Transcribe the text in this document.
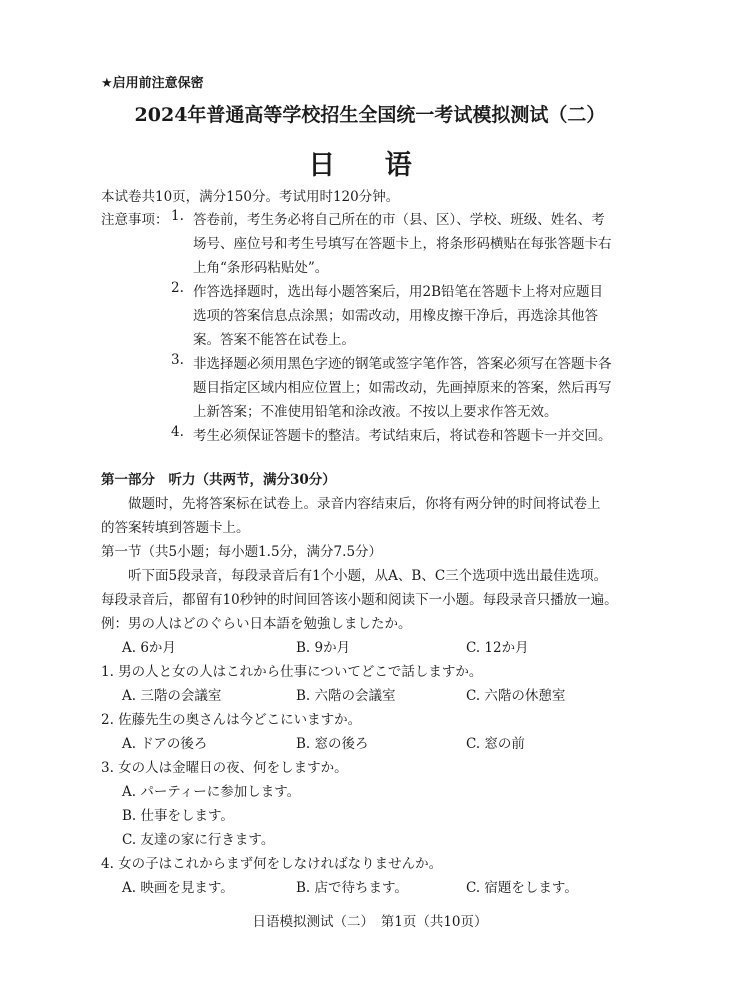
★启用前注意保密
2024年普通高等学校招生全国统一考试模拟测试（二）
日 语
本试卷共10页，满分150分。考试用时120分钟。
注意事项： 1. 答卷前，考生务必将自己所在的市（县、区）、学校、班级、姓名、考
场号、座位号和考生号填写在答题卡上，将条形码横贴在每张答题卡右
上角“条形码粘贴处”。
2. 作答选择题时，选出每小题答案后，用2B铅笔在答题卡上将对应题目
选项的答案信息点涂黑；如需改动，用橡皮擦干净后，再选涂其他答
案。答案不能答在试卷上。
3. 非选择题必须用黑色字迹的钢笔或签字笔作答，答案必须写在答题卡各
题目指定区域内相应位置上；如需改动，先画掉原来的答案，然后再写
上新答案；不准使用铅笔和涂改液。不按以上要求作答无效。
4. 考生必须保证答题卡的整洁。考试结束后，将试卷和答题卡一并交回。
第一部分　听力（共两节，满分30分）
做题时，先将答案标在试卷上。录音内容结束后，你将有两分钟的时间将试卷上
的答案转填到答题卡上。
第一节（共5小题；每小题1.5分，满分7.5分）
听下面5段录音，每段录音后有1个小题，从A、B、C三个选项中选出最佳选项。
每段录音后，都留有10秒钟的时间回答该小题和阅读下一小题。每段录音只播放一遍。
例：男の人はどのぐらい日本語を勉強しましたか。
A. 6か月	B. 9か月	C. 12か月
1. 男の人と女の人はこれから仕事についてどこで話しますか。
A. 三階の会議室	B. 六階の会議室	C. 六階の休憩室
2. 佐藤先生の奥さんは今どこにいますか。
A. ドアの後ろ	B. 窓の後ろ	C. 窓の前
3. 女の人は金曜日の夜、何をしますか。
A. パーティーに参加します。
B. 仕事をします。
C. 友達の家に行きます。
4. 女の子はこれからまず何をしなければなりませんか。
A. 映画を見ます。	B. 店で待ちます。	C. 宿題をします。
日语模拟测试（二）　第1页（共10页）
